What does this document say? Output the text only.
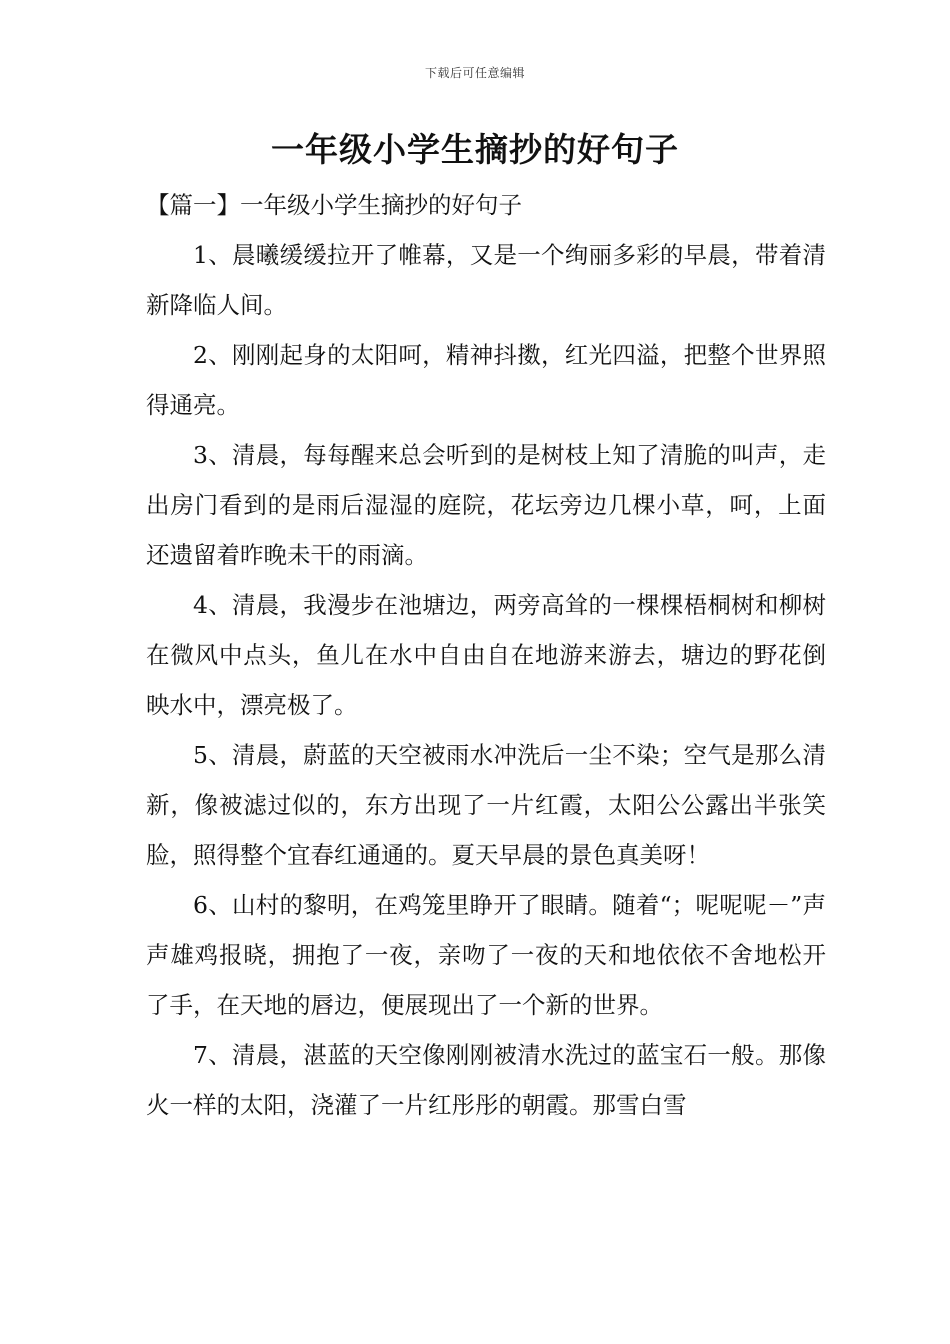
下载后可任意编辑
一年级小学生摘抄的好句子

【篇一】一年级小学生摘抄的好句子

1、晨曦缓缓拉开了帷幕，又是一个绚丽多彩的早晨，带着清新降临人间。

2、刚刚起身的太阳呵，精神抖擞，红光四溢，把整个世界照得通亮。

3、清晨，每每醒来总会听到的是树枝上知了清脆的叫声，走出房门看到的是雨后湿湿的庭院，花坛旁边几棵小草，呵，上面还遗留着昨晚未干的雨滴。

4、清晨，我漫步在池塘边，两旁高耸的一棵棵梧桐树和柳树在微风中点头，鱼儿在水中自由自在地游来游去，塘边的野花倒映水中，漂亮极了。

5、清晨，蔚蓝的天空被雨水冲洗后一尘不染；空气是那么清新，像被滤过似的，东方出现了一片红霞，太阳公公露出半张笑脸，照得整个宜春红通通的。夏天早晨的景色真美呀！

6、山村的黎明，在鸡笼里睁开了眼睛。随着“；呢呢呢－”声声雄鸡报晓，拥抱了一夜，亲吻了一夜的天和地依依不舍地松开了手，在天地的唇边，便展现出了一个新的世界。

7、清晨，湛蓝的天空像刚刚被清水洗过的蓝宝石一般。那像火一样的太阳，浇灌了一片红彤彤的朝霞。那雪白雪
